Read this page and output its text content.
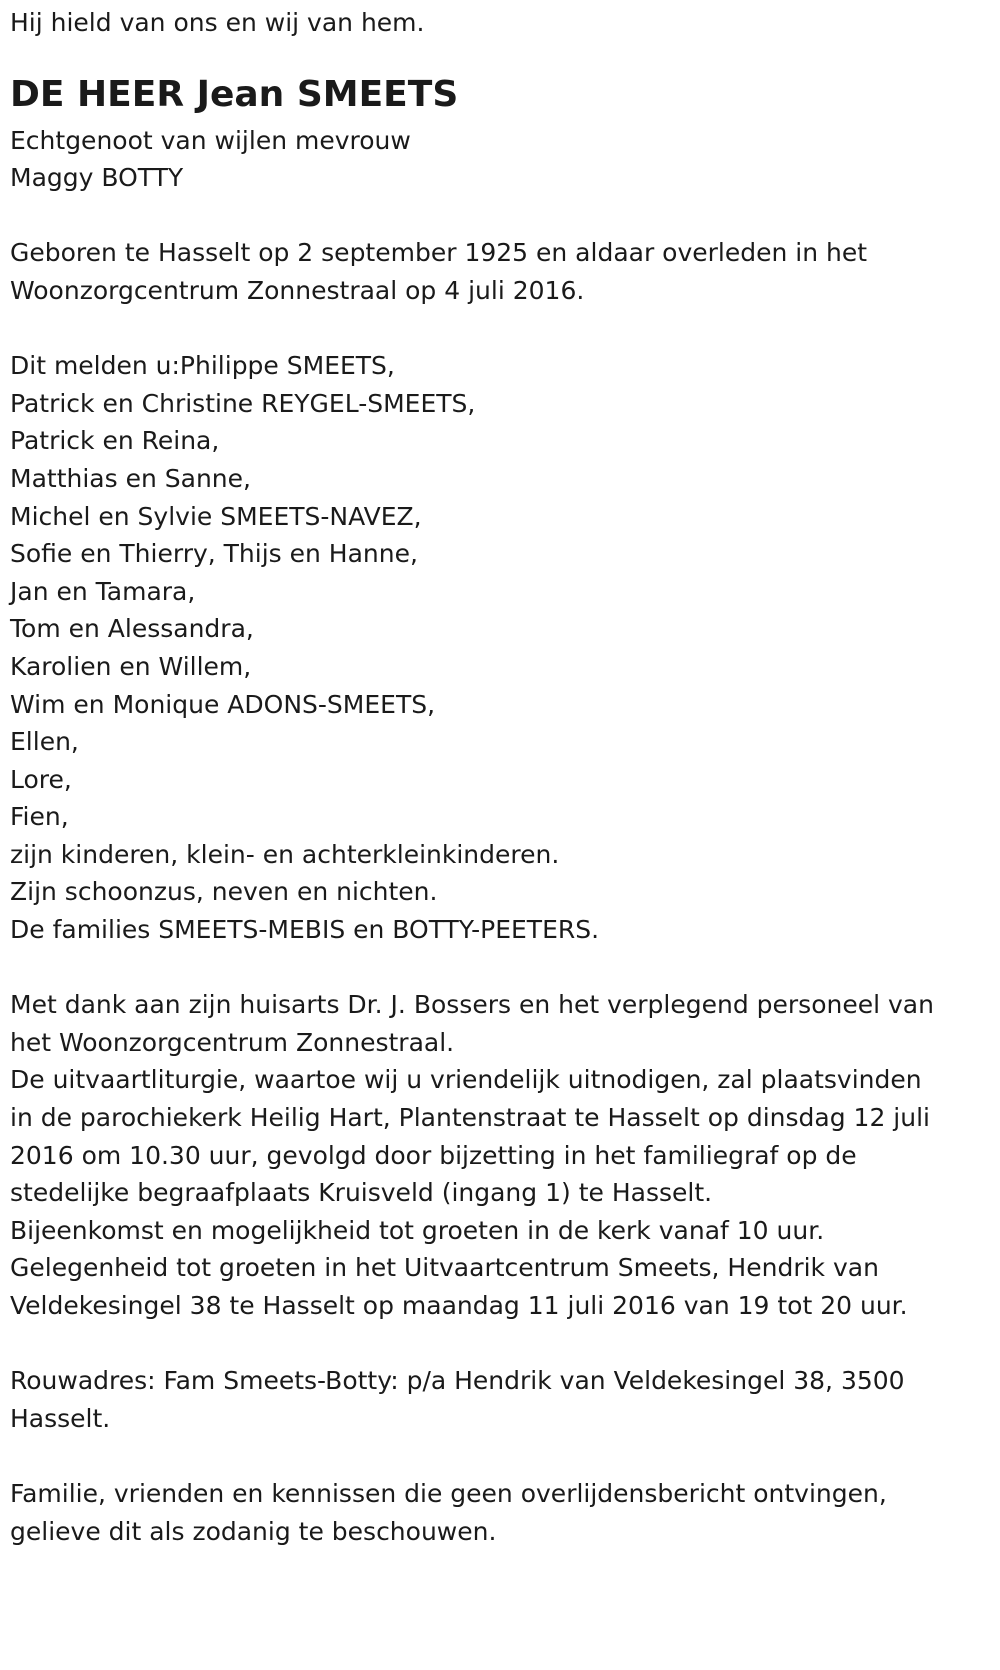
Hij hield van ons en wij van hem.
DE HEER Jean SMEETS
Echtgenoot van wijlen mevrouw
Maggy BOTTY
Geboren te Hasselt op 2 september 1925 en aldaar overleden in het
Woonzorgcentrum Zonnestraal op 4 juli 2016.
Dit melden u:Philippe SMEETS,
Patrick en Christine REYGEL-SMEETS,
Patrick en Reina,
Matthias en Sanne,
Michel en Sylvie SMEETS-NAVEZ,
Sofie en Thierry, Thijs en Hanne,
Jan en Tamara,
Tom en Alessandra,
Karolien en Willem,
Wim en Monique ADONS-SMEETS,
Ellen,
Lore,
Fien,
zijn kinderen, klein- en achterkleinkinderen.
Zijn schoonzus, neven en nichten.
De families SMEETS-MEBIS en BOTTY-PEETERS.
Met dank aan zijn huisarts Dr. J. Bossers en het verplegend personeel van
het Woonzorgcentrum Zonnestraal.
De uitvaartliturgie, waartoe wij u vriendelijk uitnodigen, zal plaatsvinden
in de parochiekerk Heilig Hart, Plantenstraat te Hasselt op dinsdag 12 juli
2016 om 10.30 uur, gevolgd door bijzetting in het familiegraf op de
stedelijke begraafplaats Kruisveld (ingang 1) te Hasselt.
Bijeenkomst en mogelijkheid tot groeten in de kerk vanaf 10 uur.
Gelegenheid tot groeten in het Uitvaartcentrum Smeets, Hendrik van
Veldekesingel 38 te Hasselt op maandag 11 juli 2016 van 19 tot 20 uur.
Rouwadres: Fam Smeets-Botty: p/a Hendrik van Veldekesingel 38, 3500
Hasselt.
Familie, vrienden en kennissen die geen overlijdensbericht ontvingen,
gelieve dit als zodanig te beschouwen.
